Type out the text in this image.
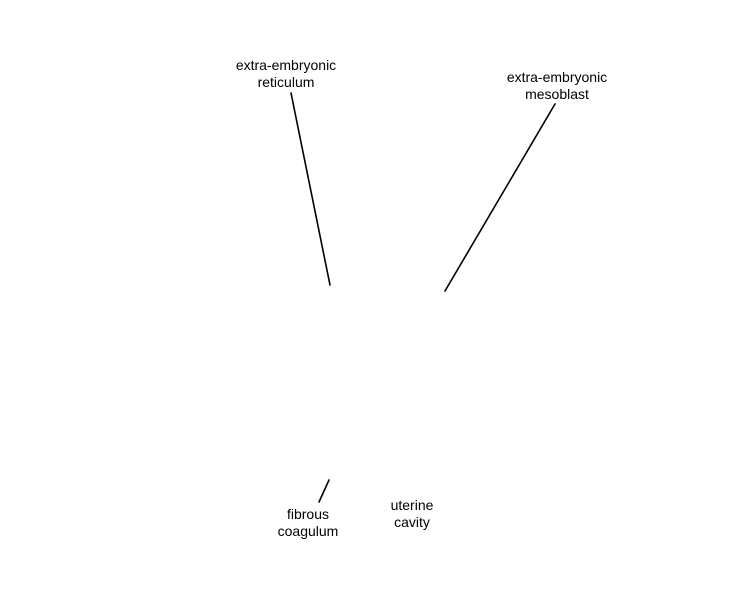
extra-embryonic
reticulum	extra-embryonic
mesoblast
fibrous
coagulum
uterine
cavity
